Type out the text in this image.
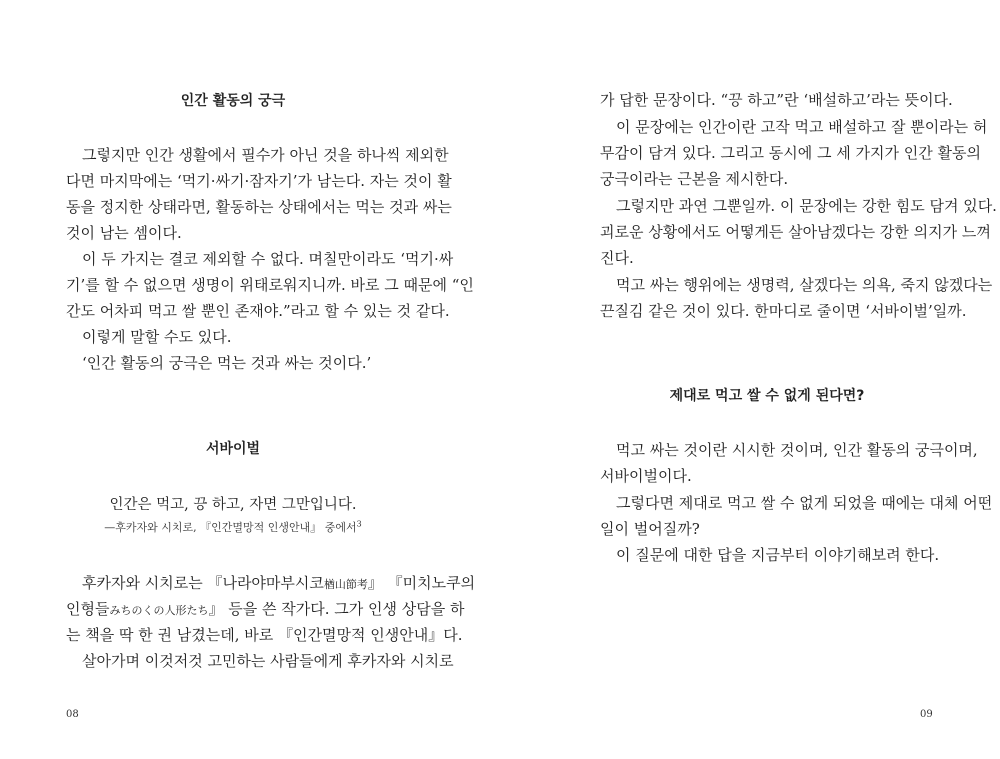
인간 활동의 궁극
그렇지만 인간 생활에서 필수가 아닌 것을 하나씩 제외한
다면 마지막에는 ‘먹기·싸기·잠자기’가 남는다. 자는 것이 활
동을 정지한 상태라면, 활동하는 상태에서는 먹는 것과 싸는
것이 남는 셈이다.
이 두 가지는 결코 제외할 수 없다. 며칠만이라도 ‘먹기·싸
기’를 할 수 없으면 생명이 위태로워지니까. 바로 그 때문에 “인
간도 어차피 먹고 쌀 뿐인 존재야.”라고 할 수 있는 것 같다.
이렇게 말할 수도 있다.
‘인간 활동의 궁극은 먹는 것과 싸는 것이다.’
서바이벌
인간은 먹고, 끙 하고, 자면 그만입니다.
—후카자와 시치로, 『인간멸망적 인생안내』 중에서$^3$
후카자와 시치로는 『나라야마부시코楢山節考』 『미치노쿠의
인형들みちのくの人形たち』 등을 쓴 작가다. 그가 인생 상담을 하
는 책을 딱 한 권 남겼는데, 바로 『인간멸망적 인생안내』다.
살아가며 이것저것 고민하는 사람들에게 후카자와 시치로
08
가 답한 문장이다. “끙 하고”란 ‘배설하고’라는 뜻이다.
이 문장에는 인간이란 고작 먹고 배설하고 잘 뿐이라는 허
무감이 담겨 있다. 그리고 동시에 그 세 가지가 인간 활동의
궁극이라는 근본을 제시한다.
그렇지만 과연 그뿐일까. 이 문장에는 강한 힘도 담겨 있다.
괴로운 상황에서도 어떻게든 살아남겠다는 강한 의지가 느껴
진다.
먹고 싸는 행위에는 생명력, 살겠다는 의욕, 죽지 않겠다는
끈질김 같은 것이 있다. 한마디로 줄이면 ‘서바이벌’일까.
제대로 먹고 쌀 수 없게 된다면?
먹고 싸는 것이란 시시한 것이며, 인간 활동의 궁극이며,
서바이벌이다.
그렇다면 제대로 먹고 쌀 수 없게 되었을 때에는 대체 어떤
일이 벌어질까?
이 질문에 대한 답을 지금부터 이야기해보려 한다.
09
